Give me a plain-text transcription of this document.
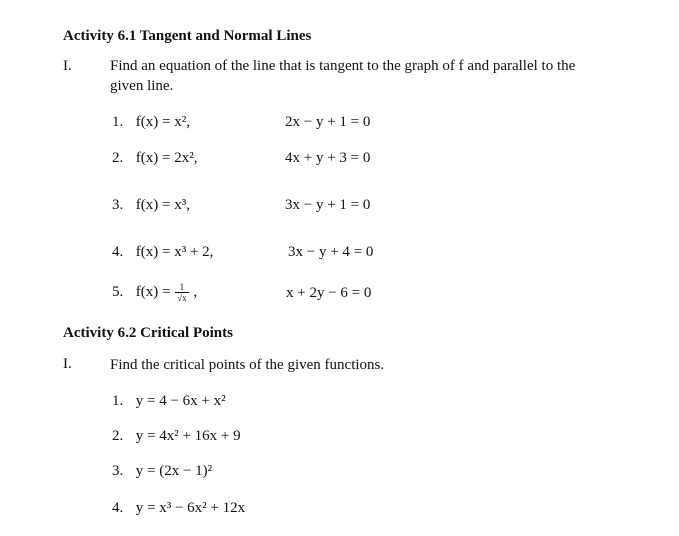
Activity 6.1 Tangent and Normal Lines
I.	Find an equation of the line that is tangent to the graph of f and parallel to the
given line.
1. f(x) = x²,	2x − y + 1 = 0
2. f(x) = 2x²,	4x + y + 3 = 0
3. f(x) = x³,	3x − y + 1 = 0
4. f(x) = x³ + 2,	3x − y + 4 = 0
5. $f(x) = \frac{1}{√x}$ ,	x + 2y − 6 = 0
Activity 6.2 Critical Points
I.	Find the critical points of the given functions.
1. y = 4 − 6x + x²
2. y = 4x² + 16x + 9
3. y = (2x − 1)²
4. y = x³ − 6x² + 12x
